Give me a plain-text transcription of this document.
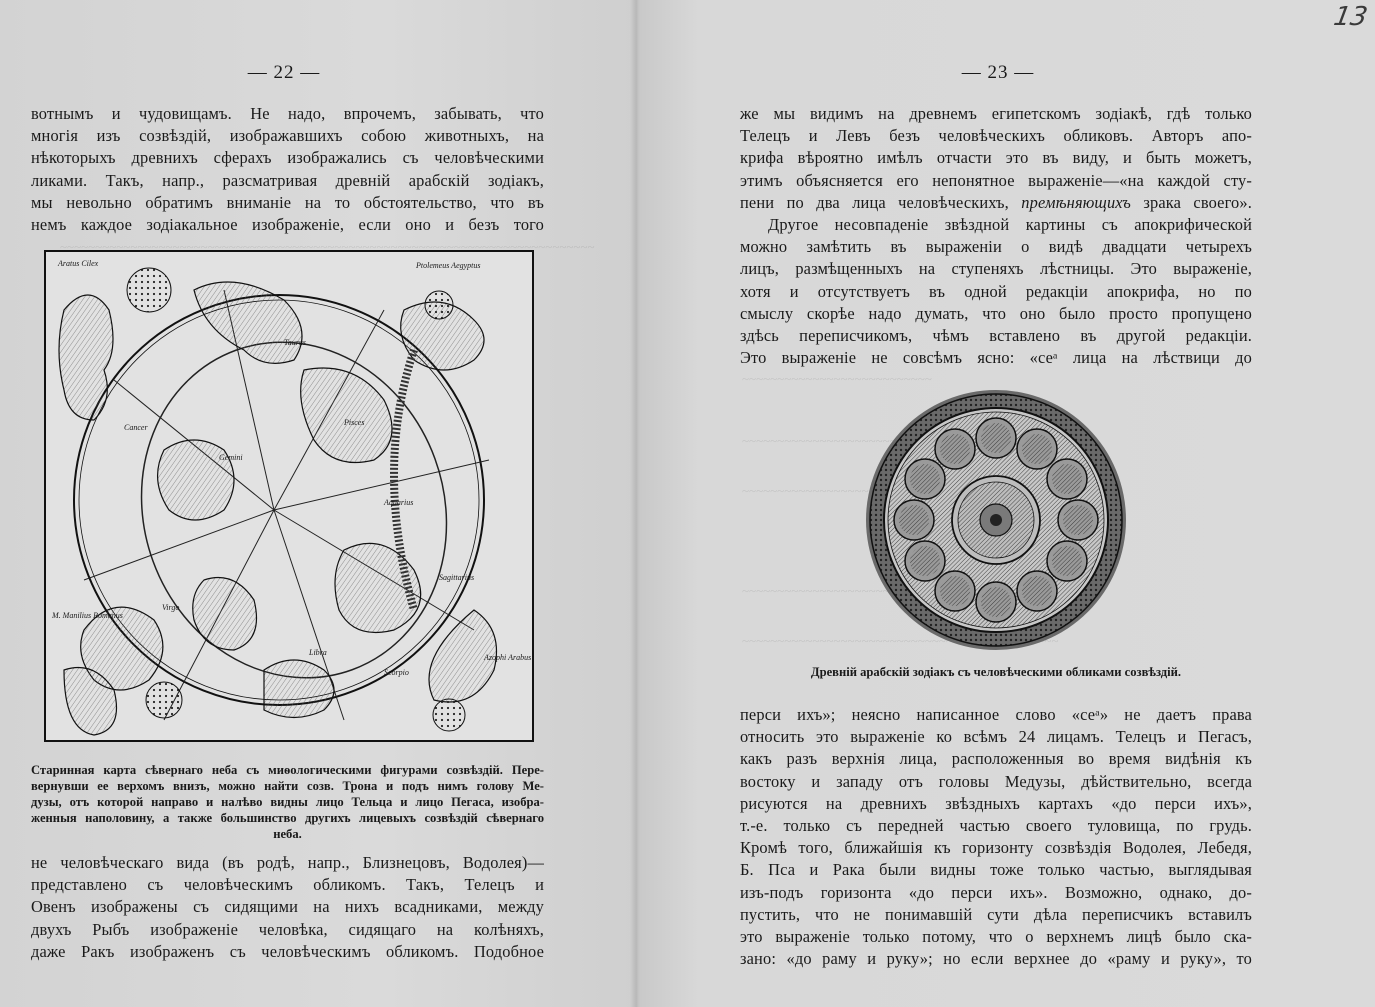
— 22 —
вотнымъ и чудовищамъ. Не надо, впрочемъ, забывать, что
многія изъ созвѣздій, изображавшихъ собою животныхъ, на
нѣкоторыхъ древнихъ сферахъ изображались съ человѣческими
ликами. Такъ, напр., разсматривая древній арабскій зодіакъ,
мы невольно обратимъ вниманіе на то обстоятельство, что въ
немъ каждое зодіакальное изображеніе, если оно и безъ того
~~~~~~~~~~~~~~~~~~~~~~~~~~~~~~~~~~~~~~~~~~~~~~~~~~~~~~~~~~~~~~~~~~~~~~~~~~~~
Aratus Cilex	Ptolemeus Aegyptus
M. Manilius Romanus
Azophi Arabus
Virgo
Libra
Scorpio
Aquarius
Sagittarius
Gemini
Cancer
Pisces
Taurus
Старинная карта сѣвернаго неба съ миѳологическими фигурами созвѣздій. Пере-
вернувши ее верхомъ внизъ, можно найти созв. Трона и подъ нимъ голову Ме-
дузы, отъ которой направо и налѣво видны лицо Тельца и лицо Пегаса, изобра-
женныя наполовину, а также большинство другихъ лицевыхъ созвѣздій сѣвернаго
неба.
не человѣческаго вида (въ родѣ, напр., Близнецовъ, Водолея)—
представлено съ человѣческимъ обликомъ. Такъ, Телецъ и
Овенъ изображены съ сидящими на нихъ всадниками, между
двухъ Рыбъ изображеніе человѣка, сидящаго на колѣняхъ,
даже Ракъ изображенъ съ человѣческимъ обликомъ. Подобное
— 23 —
13
же мы видимъ на древнемъ египетскомъ зодіакѣ, гдѣ только
Телецъ и Левъ безъ человѣческихъ обликовъ. Авторъ апо-
крифа вѣроятно имѣлъ отчасти это въ виду, и быть можетъ,
этимъ объясняется его непонятное выраженіе—«на каждой сту-
пени по два лица человѣческихъ, премѣняющихъ зрака своего».
Другое несовпаденіе звѣздной картины съ апокрифической
можно замѣтить въ выраженіи о видѣ двадцати четырехъ
лицъ, размѣщенныхъ на ступеняхъ лѣстницы. Это выраженіе,
хотя и отсутствуетъ въ одной редакціи апокрифа, но по
смыслу скорѣе надо думать, что оно было просто пропущено
здѣсь переписчикомъ, чѣмъ вставлено въ другой редакціи.
Это выраженіе не совсѣмъ ясно: «сеᵃ лица на лѣствици до
~~~~~~~~~~~~~~~~~~~~~~~~~~~
~~~~~~~~~~~~~~~~~~~~~~~~
~~~~~~~~~~~~~~~~~~~~~~
~~~~~~~~~~~~~~~~~~~~~~~~~~~~~~~~~~~~~~~~~~~~~
Древній арабскій зодіакъ съ человѣческими обликами созвѣздій.
перси ихъ»; неясно написанное слово «сеᵃ» не даетъ права
относить это выраженіе ко всѣмъ 24 лицамъ. Телецъ и Пегасъ,
какъ разъ верхнія лица, расположенныя во время видѣнія къ
востоку и западу отъ головы Медузы, дѣйствительно, всегда
рисуются на древнихъ звѣздныхъ картахъ «до перси ихъ»,
т.-е. только съ передней частью своего туловища, по грудь.
Кромѣ того, ближайшія къ горизонту созвѣздія Водолея, Лебедя,
Б. Пса и Рака были видны тоже только частью, выглядывая
изъ-подъ горизонта «до перси ихъ». Возможно, однако, до-
пустить, что не понимавшій сути дѣла переписчикъ вставилъ
это выраженіе только потому, что о верхнемъ лицѣ было ска-
зано: «до раму и руку»; но если верхнее до «раму и руку», то
